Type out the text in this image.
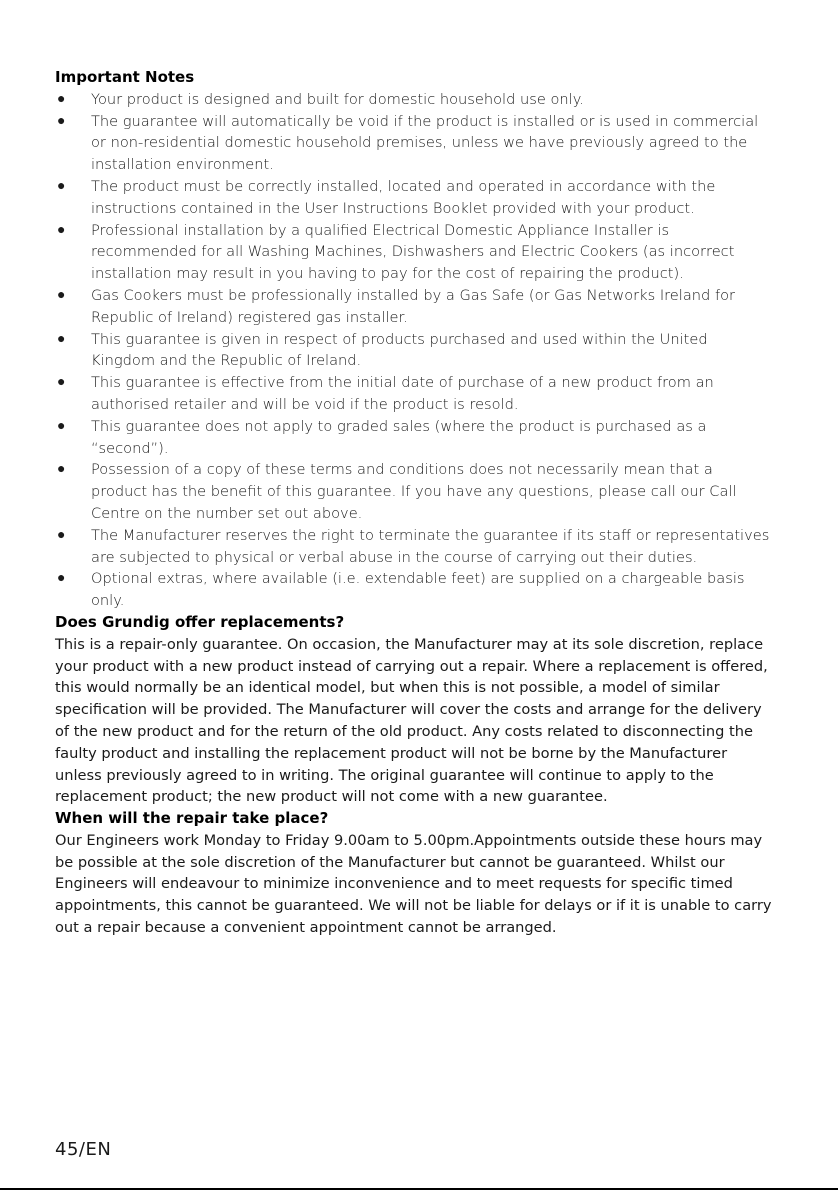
Important Notes
● Your product is designed and built for domestic household use only.
● The guarantee will automatically be void if the product is installed or is used in commercial or non-residential domestic household premises, unless we have previously agreed to the installation environment.
● The product must be correctly installed, located and operated in accordance with the instructions contained in the User Instructions Booklet provided with your product.
● Professional installation by a qualified Electrical Domestic Appliance Installer is recommended for all Washing Machines, Dishwashers and Electric Cookers (as incorrect installation may result in you having to pay for the cost of repairing the product).
● Gas Cookers must be professionally installed by a Gas Safe (or Gas Networks Ireland for Republic of Ireland) registered gas installer.
● This guarantee is given in respect of products purchased and used within the United Kingdom and the Republic of Ireland.
● This guarantee is effective from the initial date of purchase of a new product from an authorised retailer and will be void if the product is resold.
● This guarantee does not apply to graded sales (where the product is purchased as a “second”).
● Possession of a copy of these terms and conditions does not necessarily mean that a product has the benefit of this guarantee. If you have any questions, please call our Call Centre on the number set out above.
● The Manufacturer reserves the right to terminate the guarantee if its staff or representatives are subjected to physical or verbal abuse in the course of carrying out their duties.
● Optional extras, where available (i.e. extendable feet) are supplied on a chargeable basis only.
Does Grundig offer replacements?

This is a repair-only guarantee. On occasion, the Manufacturer may at its sole discretion, replace your product with a new product instead of carrying out a repair. Where a replacement is offered, this would normally be an identical model, but when this is not possible, a model of similar specification will be provided. The Manufacturer will cover the costs and arrange for the delivery of the new product and for the return of the old product. Any costs related to disconnecting the faulty product and installing the replacement product will not be borne by the Manufacturer unless previously agreed to in writing. The original guarantee will continue to apply to the replacement product; the new product will not come with a new guarantee.

When will the repair take place?

Our Engineers work Monday to Friday 9.00am to 5.00pm.Appointments outside these hours may be possible at the sole discretion of the Manufacturer but cannot be guaranteed. Whilst our Engineers will endeavour to minimize inconvenience and to meet requests for specific timed appointments, this cannot be guaranteed. We will not be liable for delays or if it is unable to carry out a repair because a convenient appointment cannot be arranged.

45/EN
